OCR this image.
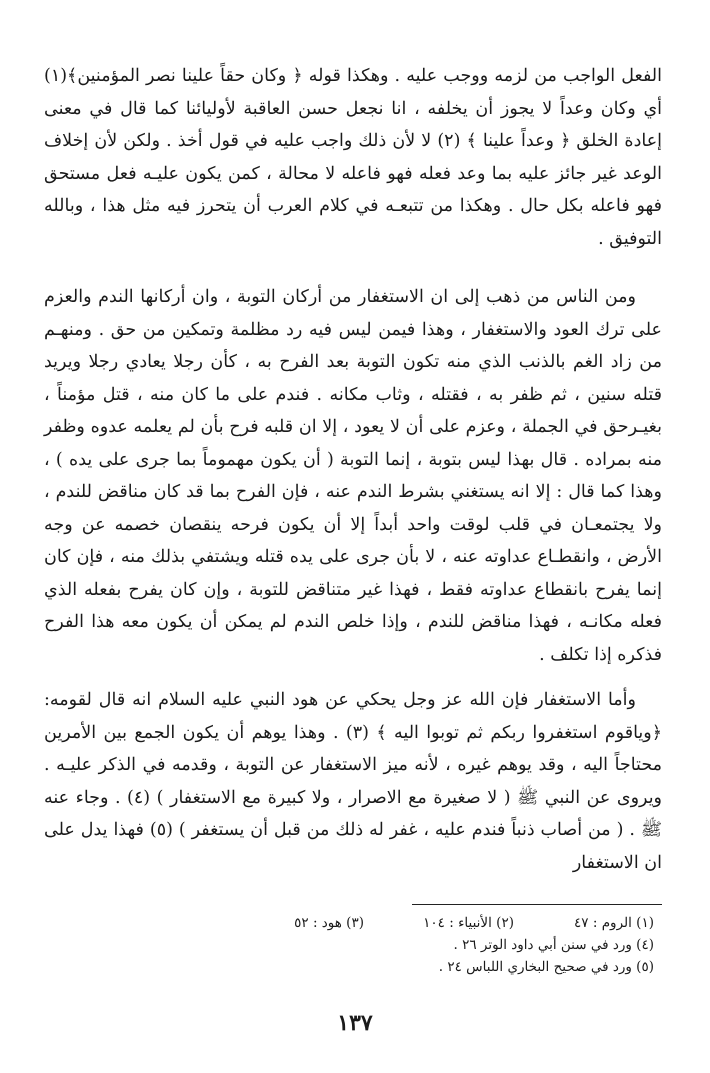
الفعل الواجب من لزمه ووجب عليه . وهكذا قوله ﴿ وكان حقاً علينا نصر المؤمنين﴾(١) أي وكان وعداً لا يجوز أن يخلفه ، انا نجعل حسن العاقبة لأوليائنا كما قال في معنى إعادة الخلق ﴿ وعداً علينا ﴾ (٢) لا لأن ذلك واجب عليه في قول أخذ . ولكن لأن إخلاف الوعد غير جائز عليه بما وعد فعله فهو فاعله لا محالة ، كمن يكون عليـه فعل مستحق فهو فاعله بكل حال . وهكذا من تتبعـه في كلام العرب أن يتحرز فيه مثل هذا ، وبالله التوفيق .

ومن الناس من ذهب إلى ان الاستغفار من أركان التوبة ، وان أركانها الندم والعزم على ترك العود والاستغفار ، وهذا فيمن ليس فيه رد مظلمة وتمكين من حق . ومنهـم من زاد الغم بالذنب الذي منه تكون التوبة بعد الفرح به ، كأن رجلا يعادي رجلا ويريد قتله سنين ، ثم ظفر به ، فقتله ، وثاب مكانه . فندم على ما كان منه ، قتل مؤمناً ، بغيـرحق في الجملة ، وعزم على أن لا يعود ، إلا ان قلبه فرح بأن لم يعلمه عدوه وظفر منه بمراده . قال بهذا ليس بتوبة ، إنما التوبة ( أن يكون مهموماً بما جرى على يده ) ، وهذا كما قال : إلا انه يستغني بشرط الندم عنه ، فإن الفرح بما قد كان مناقض للندم ، ولا يجتمعـان في قلب لوقت واحد أبداً إلا أن يكون فرحه ينقصان خصمه عن وجه الأرض ، وانقطـاع عداوته عنه ، لا بأن جرى على يده قتله ويشتفي بذلك منه ، فإن كان إنما يفرح بانقطاع عداوته فقط ، فهذا غير متناقض للتوبة ، وإن كان يفرح بفعله الذي فعله مكانـه ، فهذا مناقض للندم ، وإذا خلص الندم لم يمكن أن يكون معه هذا الفرح فذكره إذا تكلف .

وأما الاستغفار فإن الله عز وجل يحكي عن هود النبي عليه السلام انه قال لقومه: ﴿وياقوم استغفروا ربكم ثم توبوا اليه ﴾ (٣) . وهذا يوهم أن يكون الجمع بين الأمرين محتاجاً اليه ، وقد يوهم غيره ، لأنه ميز الاستغفار عن التوبة ، وقدمه في الذكر عليـه . ويروى عن النبي ﷺ ( لا صغيرة مع الاصرار ، ولا كبيرة مع الاستغفار ) (٤) . وجاء عنه ﷺ . ( من أصاب ذنباً فندم عليه ، غفر له ذلك من قبل أن يستغفر ) (٥) فهذا يدل على ان الاستغفار

(١) الروم : ٤٧
(٢) الأنبياء : ١٠٤
(٣) هود : ٥٢
(٤) ورد في سنن أبي داود الوتر ٢٦ .
(٥) ورد في صحيح البخاري اللباس ٢٤ .
١٣٧
